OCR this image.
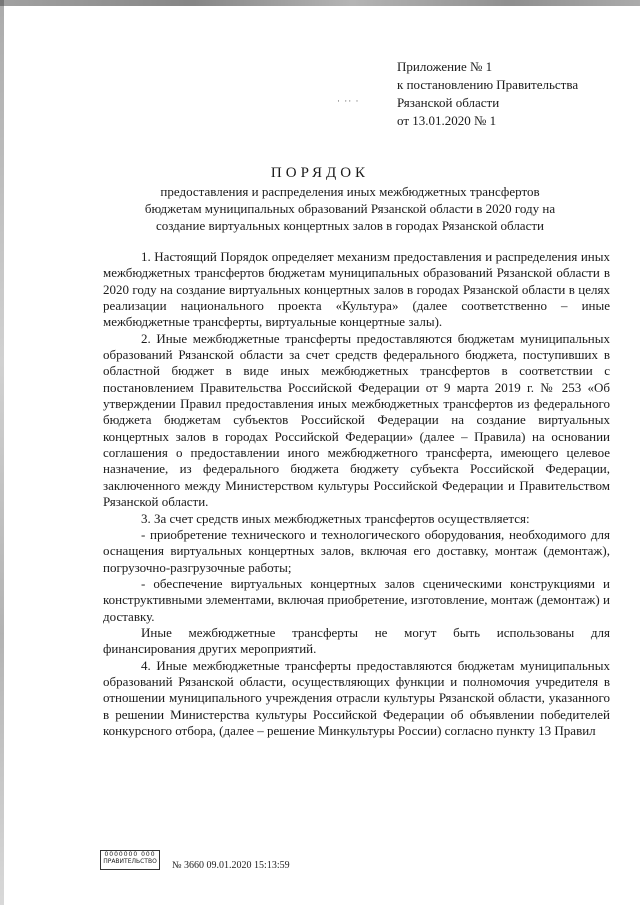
Приложение № 1
к постановлению Правительства
Рязанской области
от 13.01.2020 № 1
· ·· ·
ПОРЯДОК
предоставления и распределения иных межбюджетных трансфертов
бюджетам муниципальных образований Рязанской области в 2020 году на
создание виртуальных концертных залов в городах Рязанской области

1. Настоящий Порядок определяет механизм предоставления и распределения иных межбюджетных трансфертов бюджетам муниципальных образований Рязанской области в 2020 году на создание виртуальных концертных залов в городах Рязанской области в целях реализации национального проекта «Культура» (далее соответственно – иные межбюджетные трансферты, виртуальные концертные залы).

2. Иные межбюджетные трансферты предоставляются бюджетам муниципальных образований Рязанской области за счет средств федерального бюджета, поступивших в областной бюджет в виде иных межбюджетных трансфертов в соответствии с постановлением Правительства Российской Федерации от 9 марта 2019 г. № 253 «Об утверждении Правил предоставления иных межбюджетных трансфертов из федерального бюджета бюджетам субъектов Российской Федерации на создание виртуальных концертных залов в городах Российской Федерации» (далее – Правила) на основании соглашения о предоставлении иного межбюджетного трансферта, имеющего целевое назначение, из федерального бюджета бюджету субъекта Российской Федерации, заключенного между Министерством культуры Российской Федерации и Правительством Рязанской области.

3. За счет средств иных межбюджетных трансфертов осуществляется:

- приобретение технического и технологического оборудования, необходимого для оснащения виртуальных концертных залов, включая его доставку, монтаж (демонтаж), погрузочно-разгрузочные работы;

- обеспечение виртуальных концертных залов сценическими конструкциями и конструктивными элементами, включая приобретение, изготовление, монтаж (демонтаж) и доставку.

Иные межбюджетные трансферты не могут быть использованы для финансирования других мероприятий.

4. Иные межбюджетные трансферты предоставляются бюджетам муниципальных образований Рязанской области, осуществляющих функции и полномочия учредителя в отношении муниципального учреждения отрасли культуры Рязанской области, указанного в решении Министерства культуры Российской Федерации об объявлении победителей конкурсного отбора, (далее – решение Минкультуры России) согласно пункту 13 Правил

0000000 000
ПРАВИТЕЛЬСТВО № 3660 09.01.2020 15:13:59
